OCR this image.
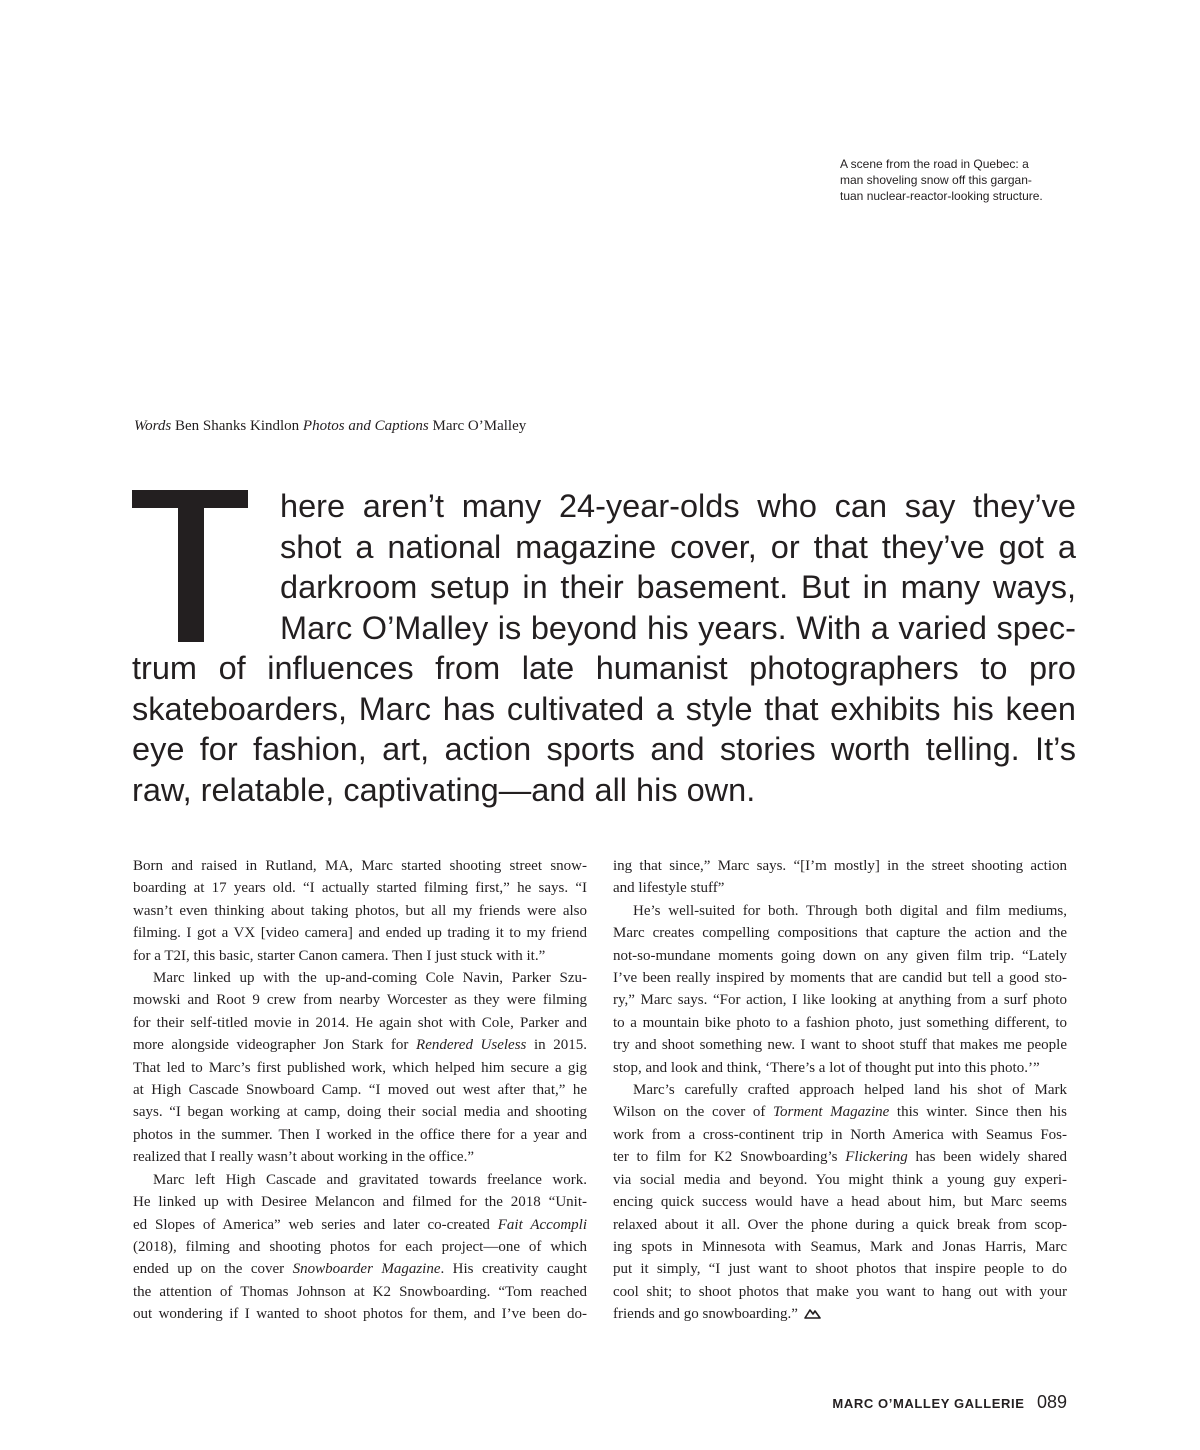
A scene from the road in Quebec: a

man shoveling snow off this gargan-

tuan nuclear-reactor-looking structure.

Words Ben Shanks Kindlon Photos and Captions Marc O’Malley
here aren’t many 24-year-olds who can say they’ve
shot a national magazine cover, or that they’ve got a
darkroom setup in their basement. But in many ways,
Marc O’Malley is beyond his years. With a varied spec-
trum of influences from late humanist photographers to pro
skateboarders, Marc has cultivated a style that exhibits his keen
eye for fashion, art, action sports and stories worth telling. It’s
raw, relatable, captivating—and all his own.
Born and raised in Rutland, MA, Marc started shooting street snow-
boarding at 17 years old. “I actually started filming first,” he says. “I
wasn’t even thinking about taking photos, but all my friends were also
filming. I got a VX [video camera] and ended up trading it to my friend
for a T2I, this basic, starter Canon camera. Then I just stuck with it.”
Marc linked up with the up-and-coming Cole Navin, Parker Szu-
mowski and Root 9 crew from nearby Worcester as they were filming
for their self-titled movie in 2014. He again shot with Cole, Parker and
more alongside videographer Jon Stark for Rendered Useless in 2015.
That led to Marc’s first published work, which helped him secure a gig
at High Cascade Snowboard Camp. “I moved out west after that,” he
says. “I began working at camp, doing their social media and shooting
photos in the summer. Then I worked in the office there for a year and
realized that I really wasn’t about working in the office.”
Marc left High Cascade and gravitated towards freelance work.
He linked up with Desiree Melancon and filmed for the 2018 “Unit-
ed Slopes of America” web series and later co-created Fait Accompli
(2018), filming and shooting photos for each project—one of which
ended up on the cover Snowboarder Magazine. His creativity caught
the attention of Thomas Johnson at K2 Snowboarding. “Tom reached
out wondering if I wanted to shoot photos for them, and I’ve been do-
ing that since,” Marc says. “[I’m mostly] in the street shooting action
and lifestyle stuff”
He’s well-suited for both. Through both digital and film mediums,
Marc creates compelling compositions that capture the action and the
not-so-mundane moments going down on any given film trip. “Lately
I’ve been really inspired by moments that are candid but tell a good sto-
ry,” Marc says. “For action, I like looking at anything from a surf photo
to a mountain bike photo to a fashion photo, just something different, to
try and shoot something new. I want to shoot stuff that makes me people
stop, and look and think, ‘There’s a lot of thought put into this photo.’”
Marc’s carefully crafted approach helped land his shot of Mark
Wilson on the cover of Torment Magazine this winter. Since then his
work from a cross-continent trip in North America with Seamus Fos-
ter to film for K2 Snowboarding’s Flickering has been widely shared
via social media and beyond. You might think a young guy experi-
encing quick success would have a head about him, but Marc seems
relaxed about it all. Over the phone during a quick break from scop-
ing spots in Minnesota with Seamus, Mark and Jonas Harris, Marc
put it simply, “I just want to shoot photos that inspire people to do
cool shit; to shoot photos that make you want to hang out with your
friends and go snowboarding.”
MARC O’MALLEY GALLERIE 089
